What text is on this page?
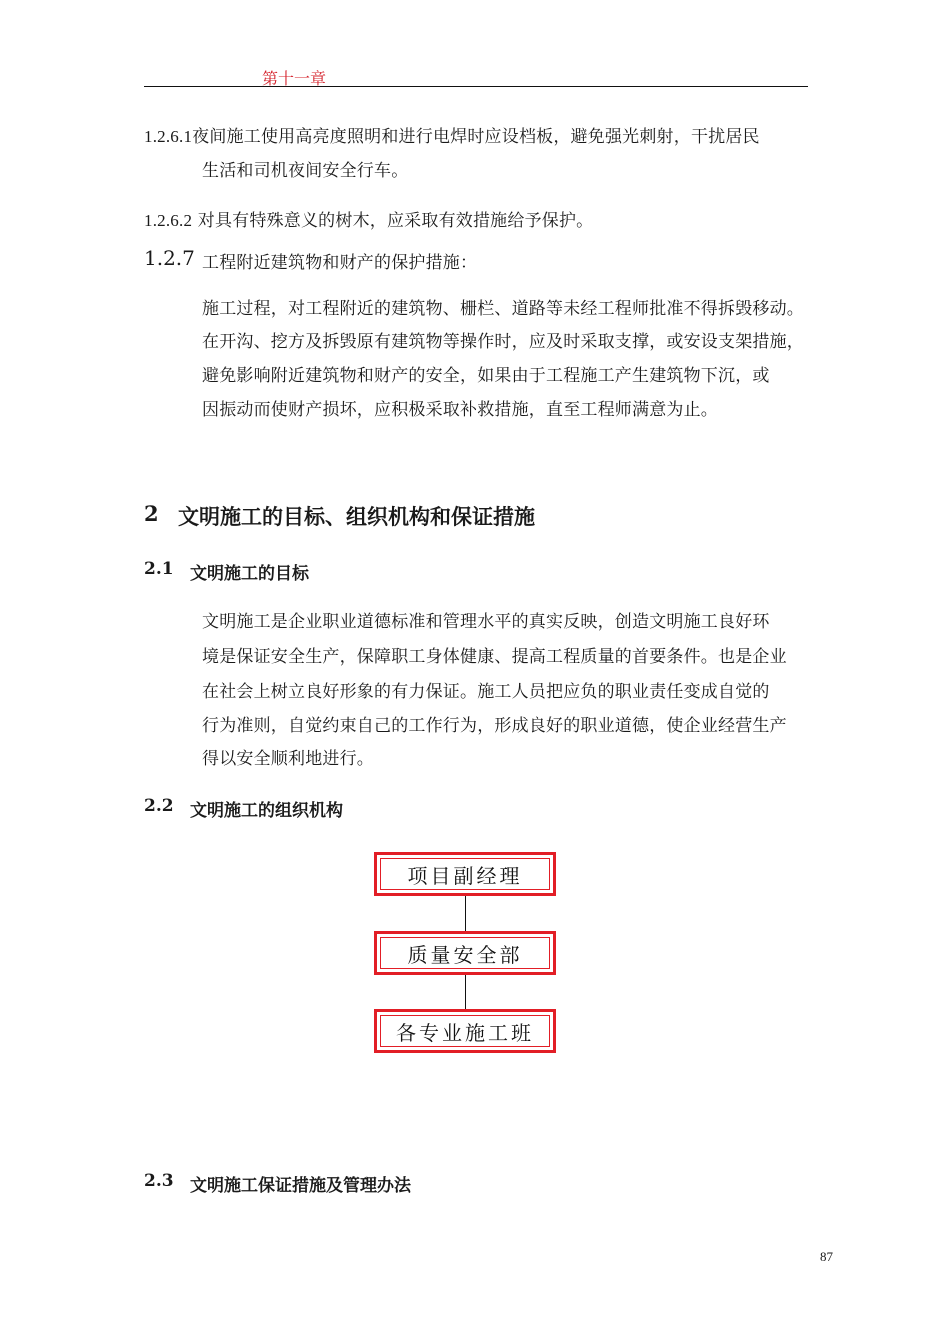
第十一章
1.2.6.1夜间施工使用高亮度照明和进行电焊时应设档板，避免强光刺射，干扰居民
生活和司机夜间安全行车。
1.2.6.2 对具有特殊意义的树木，应采取有效措施给予保护。
1.2.7 工程附近建筑物和财产的保护措施：
施工过程，对工程附近的建筑物、栅栏、道路等未经工程师批准不得拆毁移动。
在开沟、挖方及拆毁原有建筑物等操作时，应及时采取支撑，或安设支架措施，
避免影响附近建筑物和财产的安全，如果由于工程施工产生建筑物下沉，或
因振动而使财产损坏，应积极采取补救措施，直至工程师满意为止。
2 文明施工的目标、组织机构和保证措施
2.1 文明施工的目标
文明施工是企业职业道德标准和管理水平的真实反映，创造文明施工良好环
境是保证安全生产，保障职工身体健康、提高工程质量的首要条件。也是企业
在社会上树立良好形象的有力保证。施工人员把应负的职业责任变成自觉的
行为准则，自觉约束自己的工作行为，形成良好的职业道德，使企业经营生产
得以安全顺利地进行。
2.2 文明施工的组织机构
项目副经理
质量安全部
各专业施工班
2.3 文明施工保证措施及管理办法
87
